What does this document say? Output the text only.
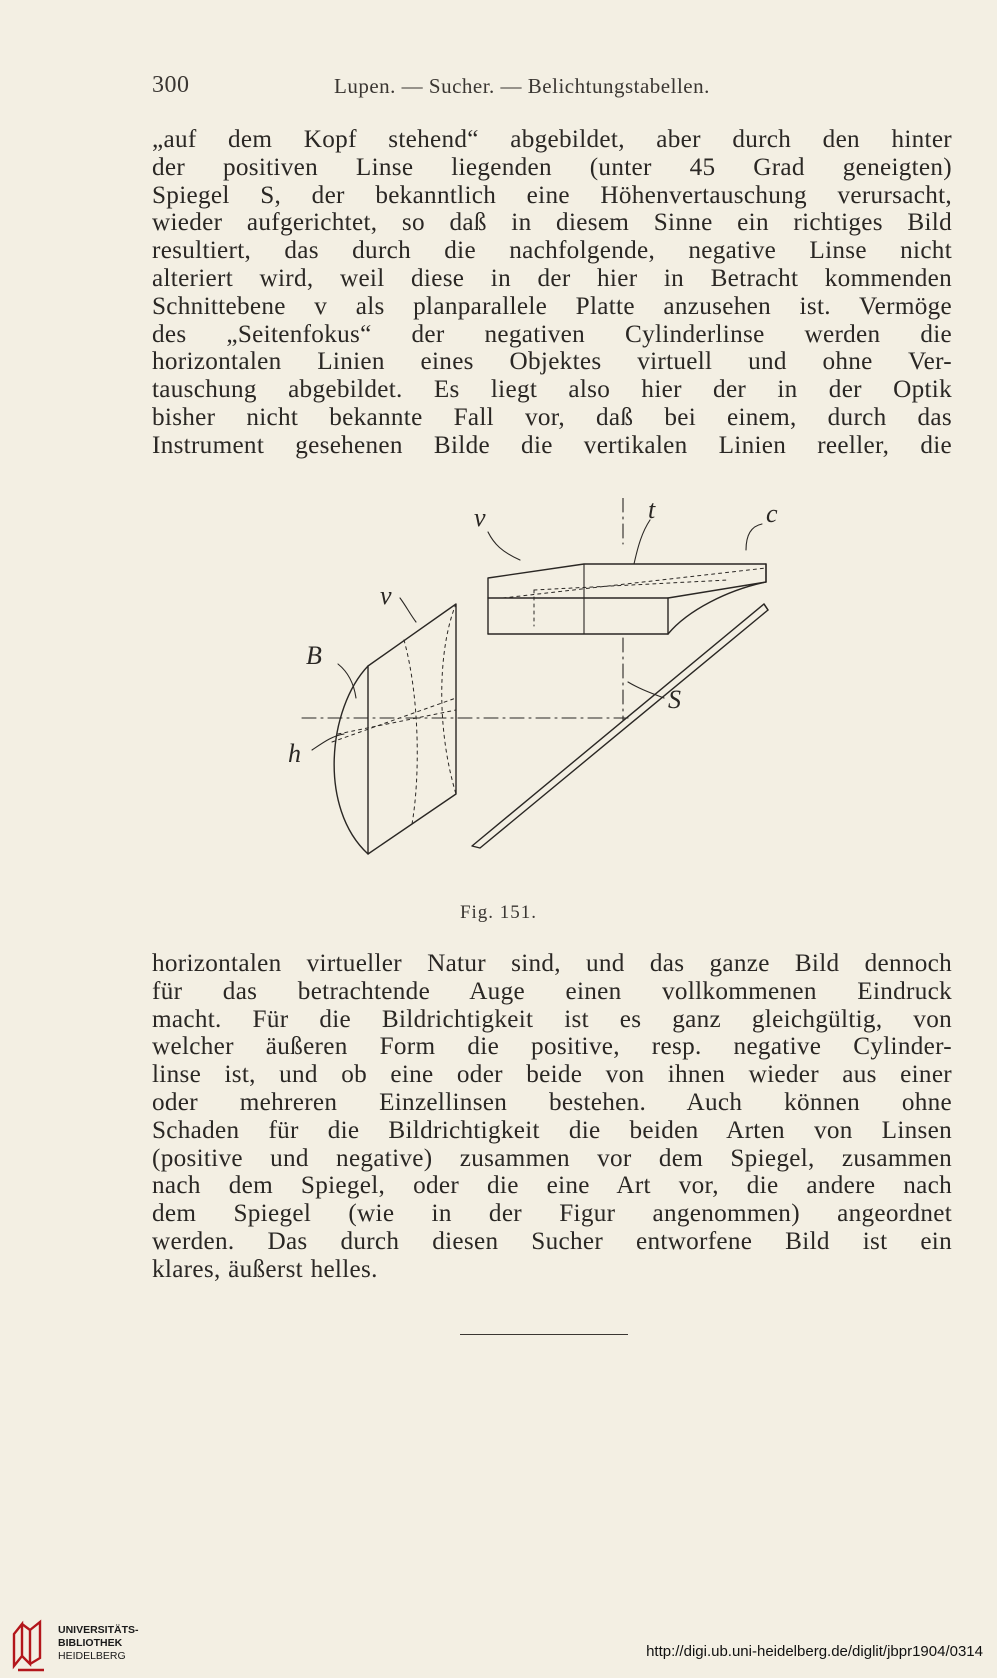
300	Lupen. — Sucher. — Belichtungstabellen.
„auf dem Kopf stehend“ abgebildet, aber durch den hinter
der positiven Linse liegenden (unter 45 Grad geneigten)
Spiegel S, der bekanntlich eine Höhenvertauschung verursacht,
wieder aufgerichtet, so daß in diesem Sinne ein richtiges Bild
resultiert, das durch die nachfolgende, negative Linse nicht
alteriert wird, weil diese in der hier in Betracht kommenden
Schnittebene v als planparallele Platte anzusehen ist. Vermöge
des „Seitenfokus“ der negativen Cylinderlinse werden die
horizontalen Linien eines Objektes virtuell und ohne Ver-
tauschung abgebildet. Es liegt also hier der in der Optik
bisher nicht bekannte Fall vor, daß bei einem, durch das
Instrument gesehenen Bilde die vertikalen Linien reeller, die
v	t	c
v
B
h
S
Fig. 151.
horizontalen virtueller Natur sind, und das ganze Bild dennoch
für das betrachtende Auge einen vollkommenen Eindruck
macht. Für die Bildrichtigkeit ist es ganz gleichgültig, von
welcher äußeren Form die positive, resp. negative Cylinder-
linse ist, und ob eine oder beide von ihnen wieder aus einer
oder mehreren Einzellinsen bestehen. Auch können ohne
Schaden für die Bildrichtigkeit die beiden Arten von Linsen
(positive und negative) zusammen vor dem Spiegel, zusammen
nach dem Spiegel, oder die eine Art vor, die andere nach
dem Spiegel (wie in der Figur angenommen) angeordnet
werden. Das durch diesen Sucher entworfene Bild ist ein
klares, äußerst helles.
UNIVERSITÄTS-
BIBLIOTHEK
HEIDELBERG	http://digi.ub.uni-heidelberg.de/diglit/jbpr1904/0314
